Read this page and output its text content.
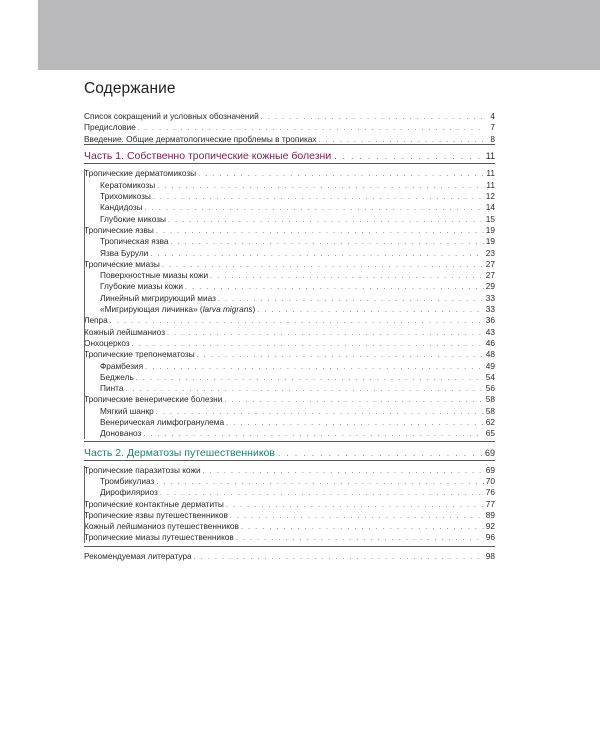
Содержание
Список сокращений и условных обозначений . . .	4
Предисловие . . .	7
Введение. Общие дерматологические проблемы в тропиках . . .	8
Часть 1. Собственно тропические кожные болезни . . .	11
Тропические дерматомикозы . . .	11
Кератомикозы . . .	11
Трихомикозы . . .	12
Кандидозы . . .	14
Глубокие микозы . . .	15
Тропические язвы . . .	19
Тропическая язва . . .	19
Язва Бурули . . .	23
Тропические миазы . . .	27
Поверхностные миазы кожи . . .	27
Глубокие миазы кожи . . .	29
Линейный мигрирующий миаз . . .	33
«Мигрирующая личинка» (larva migrans) . . .	33
Лепра . . .	36
Кожный лейшманиоз . . .	43
Онхоцеркоз . . .	46
Тропические трепонематозы . . .	48
Фрамбезия . . .	49
Беджель . . .	54
Пинта . . .	56
Тропические венерические болезни . . .	58
Мягкий шанкр . . .	58
Венерическая лимфогранулема . . .	62
Донованоз . . .	65
Часть 2. Дерматозы путешественников . . .	69
Тропические паразитозы кожи . . .	69
Тромбикулиаз . . .	70
Дирофиляриоз . . .	76
Тропические контактные дерматиты . . .	77
Тропические язвы путешественников . . .	89
Кожный лейшманиоз путешественников . . .	92
Тропические миазы путешественников . . .	96
Рекомендуемая литература . . .	98
